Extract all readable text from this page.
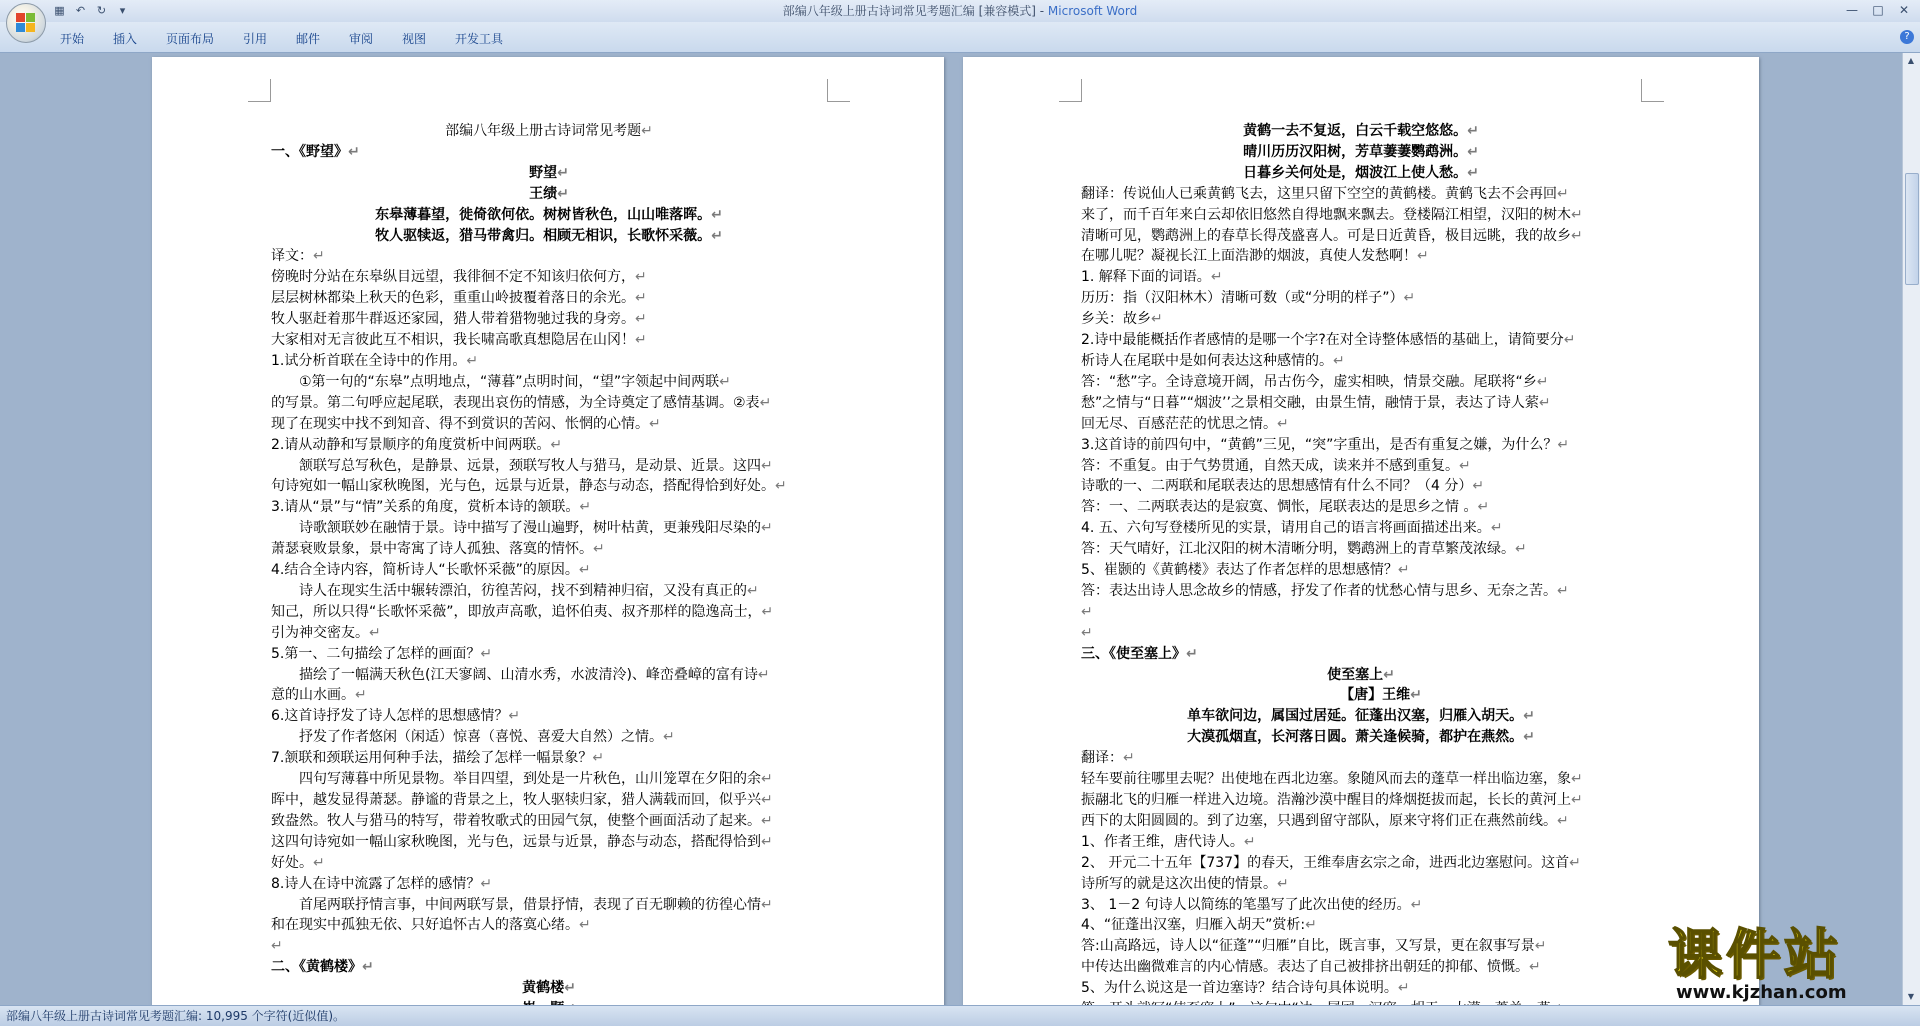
部编八年级上册古诗词常见考题汇编 [兼容模式] - Microsoft Word
▦ ↶ ↻	▾	—	□	✕
开始 插入 页面布局 引用 邮件 审阅 视图 开发工具	?

部编八年级上册古诗词常见考题↵

一、《野望》↵

野望↵

王绩↵

东皋薄暮望，徙倚欲何依。树树皆秋色，山山唯落晖。↵

牧人驱犊返，猎马带禽归。相顾无相识，长歌怀采薇。↵

译文：↵

傍晚时分站在东皋纵目远望，我徘徊不定不知该归依何方，↵

层层树林都染上秋天的色彩，重重山岭披覆着落日的余光。↵

牧人驱赶着那牛群返还家园，猎人带着猎物驰过我的身旁。↵

大家相对无言彼此互不相识，我长啸高歌真想隐居在山冈！↵

1.试分析首联在全诗中的作用。↵

①第一句的“东皋”点明地点，“薄暮”点明时间，“望”字领起中间两联↵

的写景。第二句呼应起尾联，表现出哀伤的情感，为全诗奠定了感情基调。②表↵

现了在现实中找不到知音、得不到赏识的苦闷、怅惘的心情。↵

2.请从动静和写景顺序的角度赏析中间两联。↵

颔联写总写秋色，是静景、远景，颈联写牧人与猎马，是动景、近景。这四↵

句诗宛如一幅山家秋晚图，光与色，远景与近景，静态与动态，搭配得恰到好处。↵

3.请从“景”与“情”关系的角度，赏析本诗的颔联。↵

诗歌颔联妙在融情于景。诗中描写了漫山遍野，树叶枯黄，更兼残阳尽染的↵

萧瑟衰败景象，景中寄寓了诗人孤独、落寞的情怀。↵

4.结合全诗内容，简析诗人“长歌怀采薇”的原因。↵

诗人在现实生活中辗转漂泊，彷徨苦闷，找不到精神归宿，又没有真正的↵

知己，所以只得“长歌怀采薇”，即放声高歌，追怀伯夷、叔齐那样的隐逸高士，↵

引为神交密友。↵

5.第一、二句描绘了怎样的画面？↵

描绘了一幅满天秋色(江天寥阔、山清水秀，水波清泠)、峰峦叠嶂的富有诗↵

意的山水画。↵

6.这首诗抒发了诗人怎样的思想感情？↵

抒发了作者悠闲（闲适）惊喜（喜悦、喜爱大自然）之情。↵

7.颔联和颈联运用何种手法，描绘了怎样一幅景象？↵

四句写薄暮中所见景物。举目四望，到处是一片秋色，山川笼罩在夕阳的余↵

晖中，越发显得萧瑟。静谧的背景之上，牧人驱犊归家，猎人满载而回，似乎兴↵

致盎然。牧人与猎马的特写，带着牧歌式的田园气氛，使整个画面活动了起来。↵

这四句诗宛如一幅山家秋晚图，光与色，远景与近景，静态与动态，搭配得恰到↵

好处。↵

8.诗人在诗中流露了怎样的感情？↵

首尾两联抒情言事，中间两联写景，借景抒情，表现了百无聊赖的彷徨心情↵

和在现实中孤独无依、只好追怀古人的落寞心绪。↵

↵

二、《黄鹤楼》↵

黄鹤楼↵

黄鹤一去不复返，白云千载空悠悠。↵

晴川历历汉阳树，芳草萋萋鹦鹉洲。↵

日暮乡关何处是，烟波江上使人愁。↵

翻译：传说仙人已乘黄鹤飞去，这里只留下空空的黄鹤楼。黄鹤飞去不会再回↵

来了，而千百年来白云却依旧悠然自得地飘来飘去。登楼隔江相望，汉阳的树木↵

清晰可见，鹦鹉洲上的春草长得茂盛喜人。可是日近黄昏，极目远眺，我的故乡↵

在哪儿呢？凝视长江上面浩渺的烟波，真使人发愁啊！↵

1. 解释下面的词语。↵

历历：指（汉阳林木）清晰可数（或“分明的样子”）↵

乡关：故乡↵

2.诗中最能概括作者感情的是哪一个字?在对全诗整体感悟的基础上，请简要分↵

析诗人在尾联中是如何表达这种感情的。↵

答：“愁”字。全诗意境开阔，吊古伤今，虚实相映，情景交融。尾联将“乡↵

愁”之情与“日暮”“烟波’’之景相交融，由景生情，融情于景，表达了诗人萦↵

回无尽、百感茫茫的忧思之情。↵

3.这首诗的前四句中，“黄鹤”三见，“突”字重出，是否有重复之嫌，为什么？↵

答：不重复。由于气势贯通，自然天成，读来并不感到重复。↵

诗歌的一、二两联和尾联表达的思想感情有什么不同？（4 分）↵

答：一、二两联表达的是寂寞、惆怅，尾联表达的是思乡之情 。↵

4. 五、六句写登楼所见的实景，请用自己的语言将画面描述出来。↵

答：天气晴好，江北汉阳的树木清晰分明，鹦鹉洲上的青草繁茂浓绿。↵

5、崔颢的《黄鹤楼》表达了作者怎样的思想感情？↵

答：表达出诗人思念故乡的情感，抒发了作者的忧愁心情与思乡、无奈之苦。↵

↵

↵

三、《使至塞上》↵

使至塞上↵

【唐】王维↵

单车欲问边，属国过居延。征蓬出汉塞，归雁入胡天。↵

大漠孤烟直，长河落日圆。萧关逢候骑，都护在燕然。↵

翻译：↵

轻车要前往哪里去呢？出使地在西北边塞。象随风而去的蓬草一样出临边塞，象↵

振翮北飞的归雁一样进入边境。浩瀚沙漠中醒目的烽烟挺拔而起，长长的黄河上↵

西下的太阳圆圆的。到了边塞，只遇到留守部队，原来守将们正在燕然前线。↵

1、作者王维，唐代诗人。↵

2、 开元二十五年【737】的春天，王维奉唐玄宗之命，进西北边塞慰问。这首↵

诗所写的就是这次出使的情景。↵

3、 1－2 句诗人以简练的笔墨写了此次出使的经历。↵

4、“征蓬出汉塞，归雁入胡天”赏析:↵

答:山高路远，诗人以“征蓬”“归雁”自比，既言事，又写景，更在叙事写景↵

中传达出幽微难言的内心情感。表达了自己被排挤出朝廷的抑郁、愤慨。↵

5、为什么说这是一首边塞诗？结合诗句具体说明。↵

▲
▼
部编八年级上册古诗词常见考题汇编: 10,995 个字符(近似值)。
课件站
www.kjzhan.com
